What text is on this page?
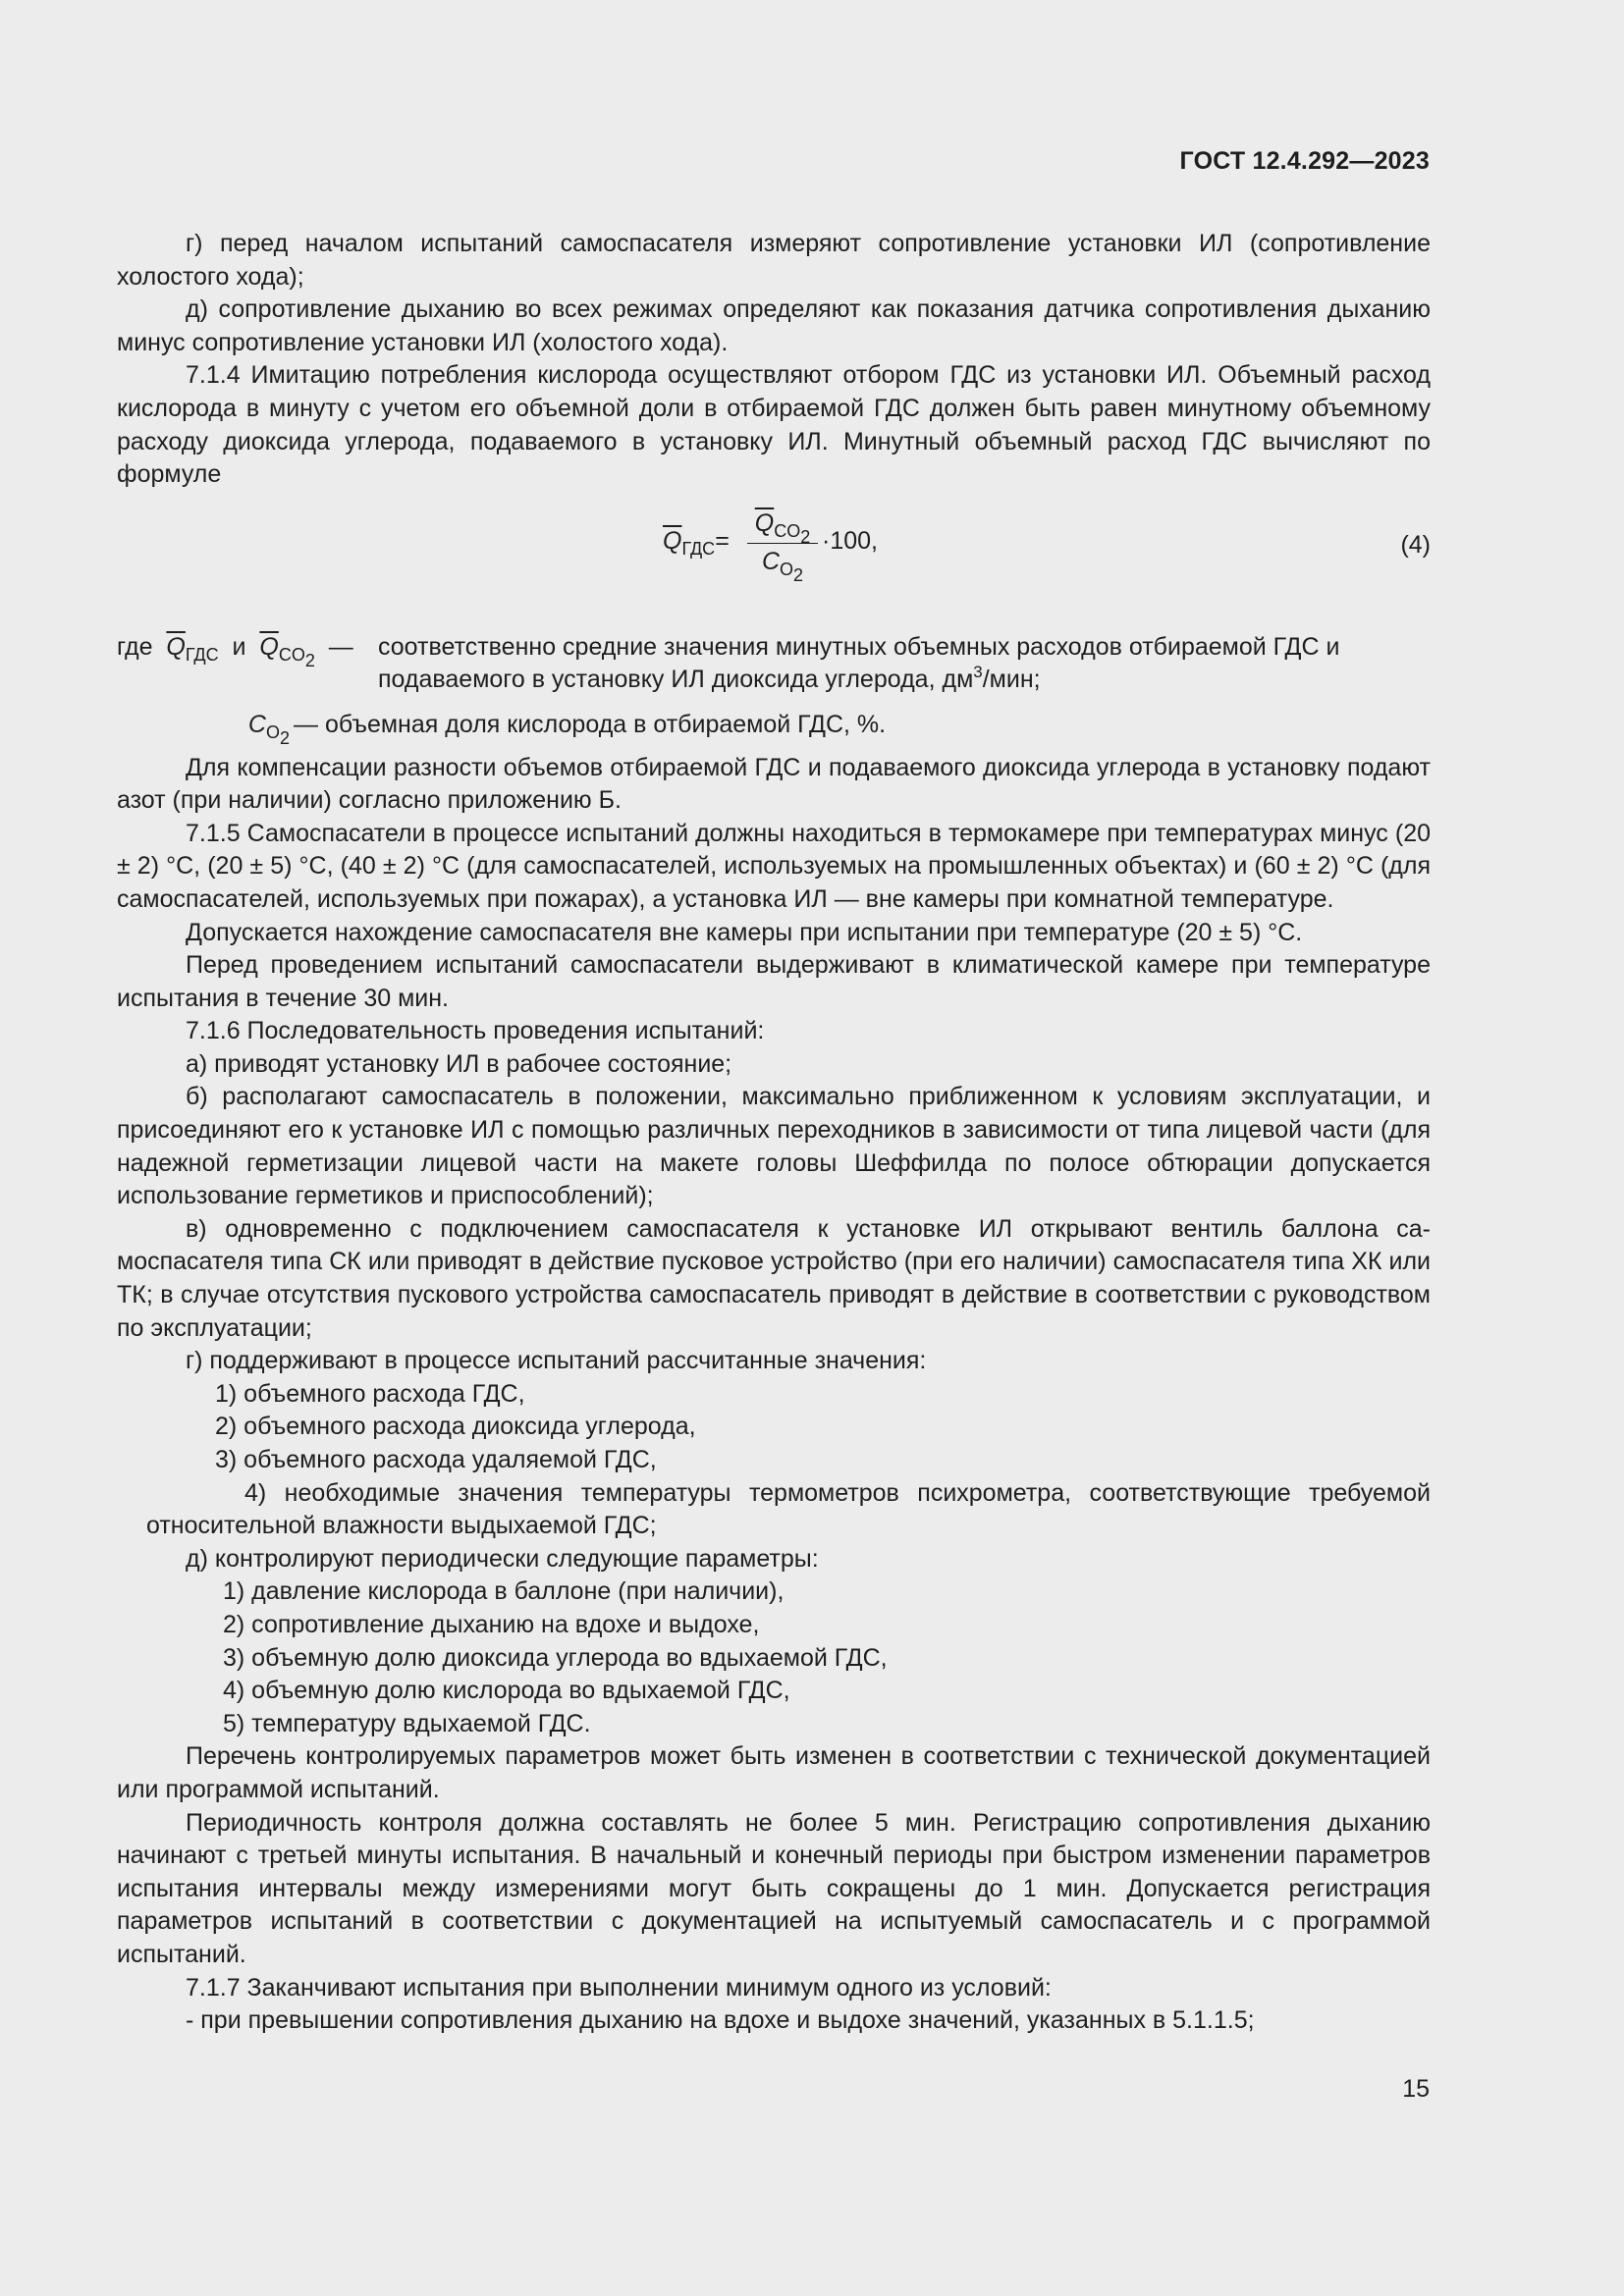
ГОСТ 12.4.292—2023

г) перед началом испытаний самоспасателя измеряют сопротивление установки ИЛ (сопротивление холостого хода);

д) сопротивление дыханию во всех режимах определяют как показания датчика сопротивления дыханию минус сопротивление установки ИЛ (холостого хода).

7.1.4 Имитацию потребления кислорода осуществляют отбором ГДС из установки ИЛ. Объемный расход кислорода в минуту с учетом его объемной доли в отбираемой ГДС должен быть равен минутному объемному расходу диоксида углерода, подаваемого в установку ИЛ. Минутный объемный расход ГДС вычисляют по формуле

$\overline{Q}_{ГДС}=$
$\overline{Q}_{CO_2}$
$C_{O_2}$
·100,	(4)
где $\overline{Q}_{ГДС}$ и $\overline{Q}_{CO_2}$ —	соответственно средние значения минутных объемных расходов отбираемой ГДС и подаваемого в установку ИЛ диоксида углерода, $дм^3$/мин;
$C_{O_2}$ — объемная доля кислорода в отбираемой ГДС, %.

Для компенсации разности объемов отбираемой ГДС и подаваемого диоксида углерода в установку подают азот (при наличии) согласно приложению Б.

7.1.5 Самоспасатели в процессе испытаний должны находиться в термокамере при температурах минус (20 ± 2) °С, (20 ± 5) °С, (40 ± 2) °С (для самоспасателей, используемых на промышленных объектах) и (60 ± 2) °С (для самоспасателей, используемых при пожарах), а установка ИЛ — вне камеры при комнатной температуре.

Допускается нахождение самоспасателя вне камеры при испытании при температуре (20 ± 5) °С.

Перед проведением испытаний самоспасатели выдерживают в климатической камере при температуре испытания в течение 30 мин.

7.1.6 Последовательность проведения испытаний:

а) приводят установку ИЛ в рабочее состояние;

б) располагают самоспасатель в положении, максимально приближенном к условиям эксплуатации, и присоединяют его к установке ИЛ с помощью различных переходников в зависимости от типа лицевой части (для надежной герметизации лицевой части на макете головы Шеффилда по полосе обтюрации допускается использование герметиков и приспособлений);

в) одновременно с подключением самоспасателя к установке ИЛ открывают вентиль баллона самоспасателя типа СК или приводят в действие пусковое устройство (при его наличии) самоспасателя типа ХК или ТК; в случае отсутствия пускового устройства самоспасатель приводят в действие в соответствии с руководством по эксплуатации;

г) поддерживают в процессе испытаний рассчитанные значения:

1) объемного расхода ГДС,

2) объемного расхода диоксида углерода,

3) объемного расхода удаляемой ГДС,

4) необходимые значения температуры термометров психрометра, соответствующие требуемой относительной влажности выдыхаемой ГДС;

д) контролируют периодически следующие параметры:

1) давление кислорода в баллоне (при наличии),

2) сопротивление дыханию на вдохе и выдохе,

3) объемную долю диоксида углерода во вдыхаемой ГДС,

4) объемную долю кислорода во вдыхаемой ГДС,

5) температуру вдыхаемой ГДС.

Перечень контролируемых параметров может быть изменен в соответствии с технической документацией или программой испытаний.

Периодичность контроля должна составлять не более 5 мин. Регистрацию сопротивления дыханию начинают с третьей минуты испытания. В начальный и конечный периоды при быстром изменении параметров испытания интервалы между измерениями могут быть сокращены до 1 мин. Допускается регистрация параметров испытаний в соответствии с документацией на испытуемый самоспасатель и с программой испытаний.

7.1.7 Заканчивают испытания при выполнении минимум одного из условий:

- при превышении сопротивления дыханию на вдохе и выдохе значений, указанных в 5.1.1.5;

15
